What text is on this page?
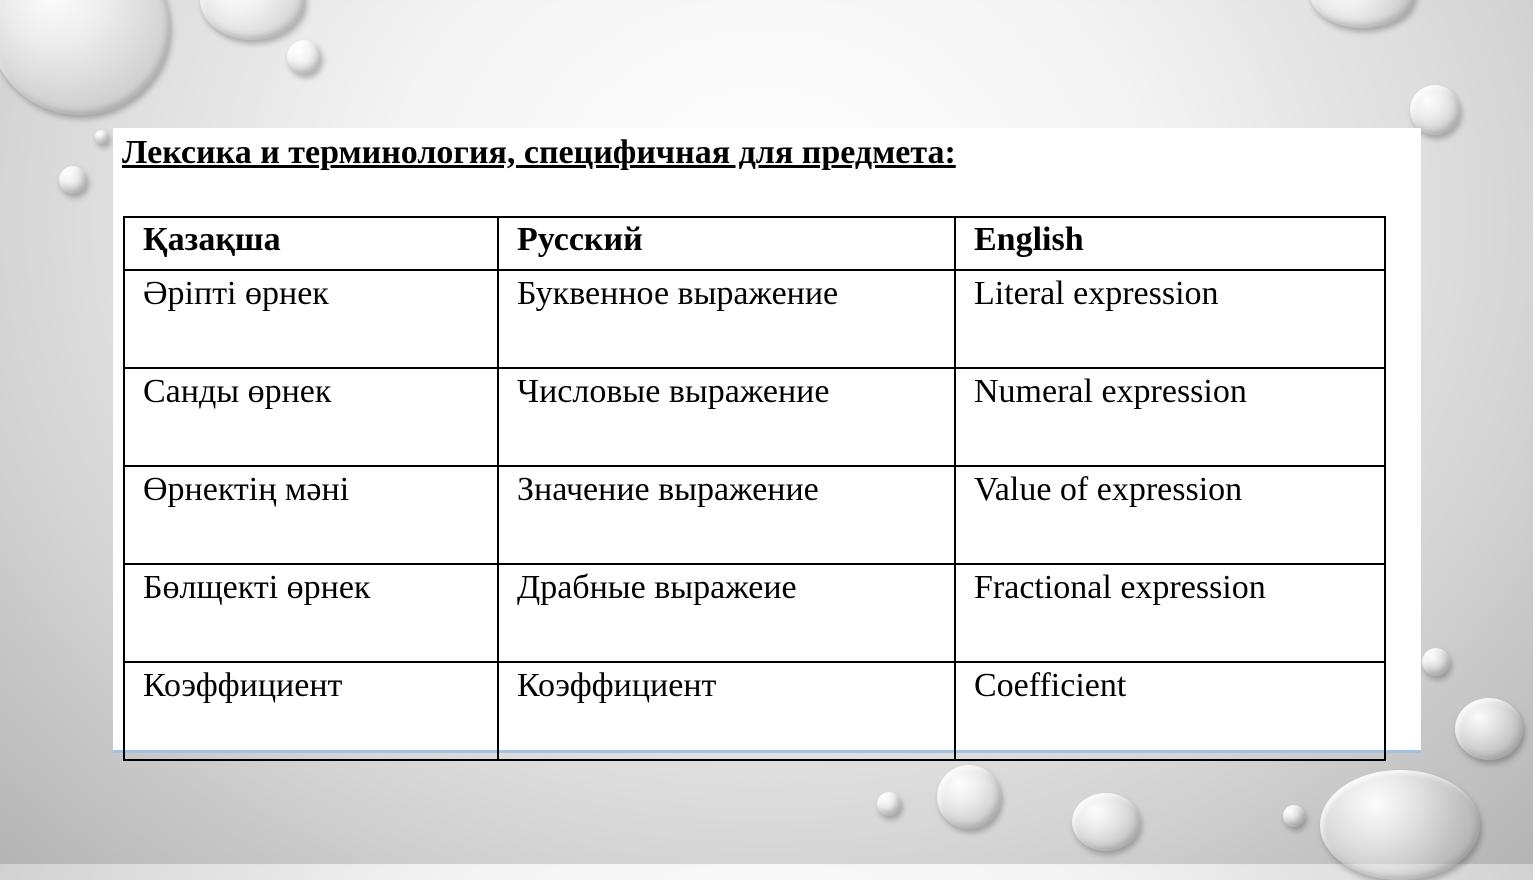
Лексика и терминология, специфичная для предмета:

Қазақша	Русский	English
Әріпті өрнек	Буквенное выражение	Literal expression
Санды өрнек	Числовые выражение	Numeral expression
Өрнектің мәні	Значение выражение	Value of expression
Бөлщекті өрнек	Драбные выражеие	Fractional expression
Коэффициент	Коэффициент	Coefficient
